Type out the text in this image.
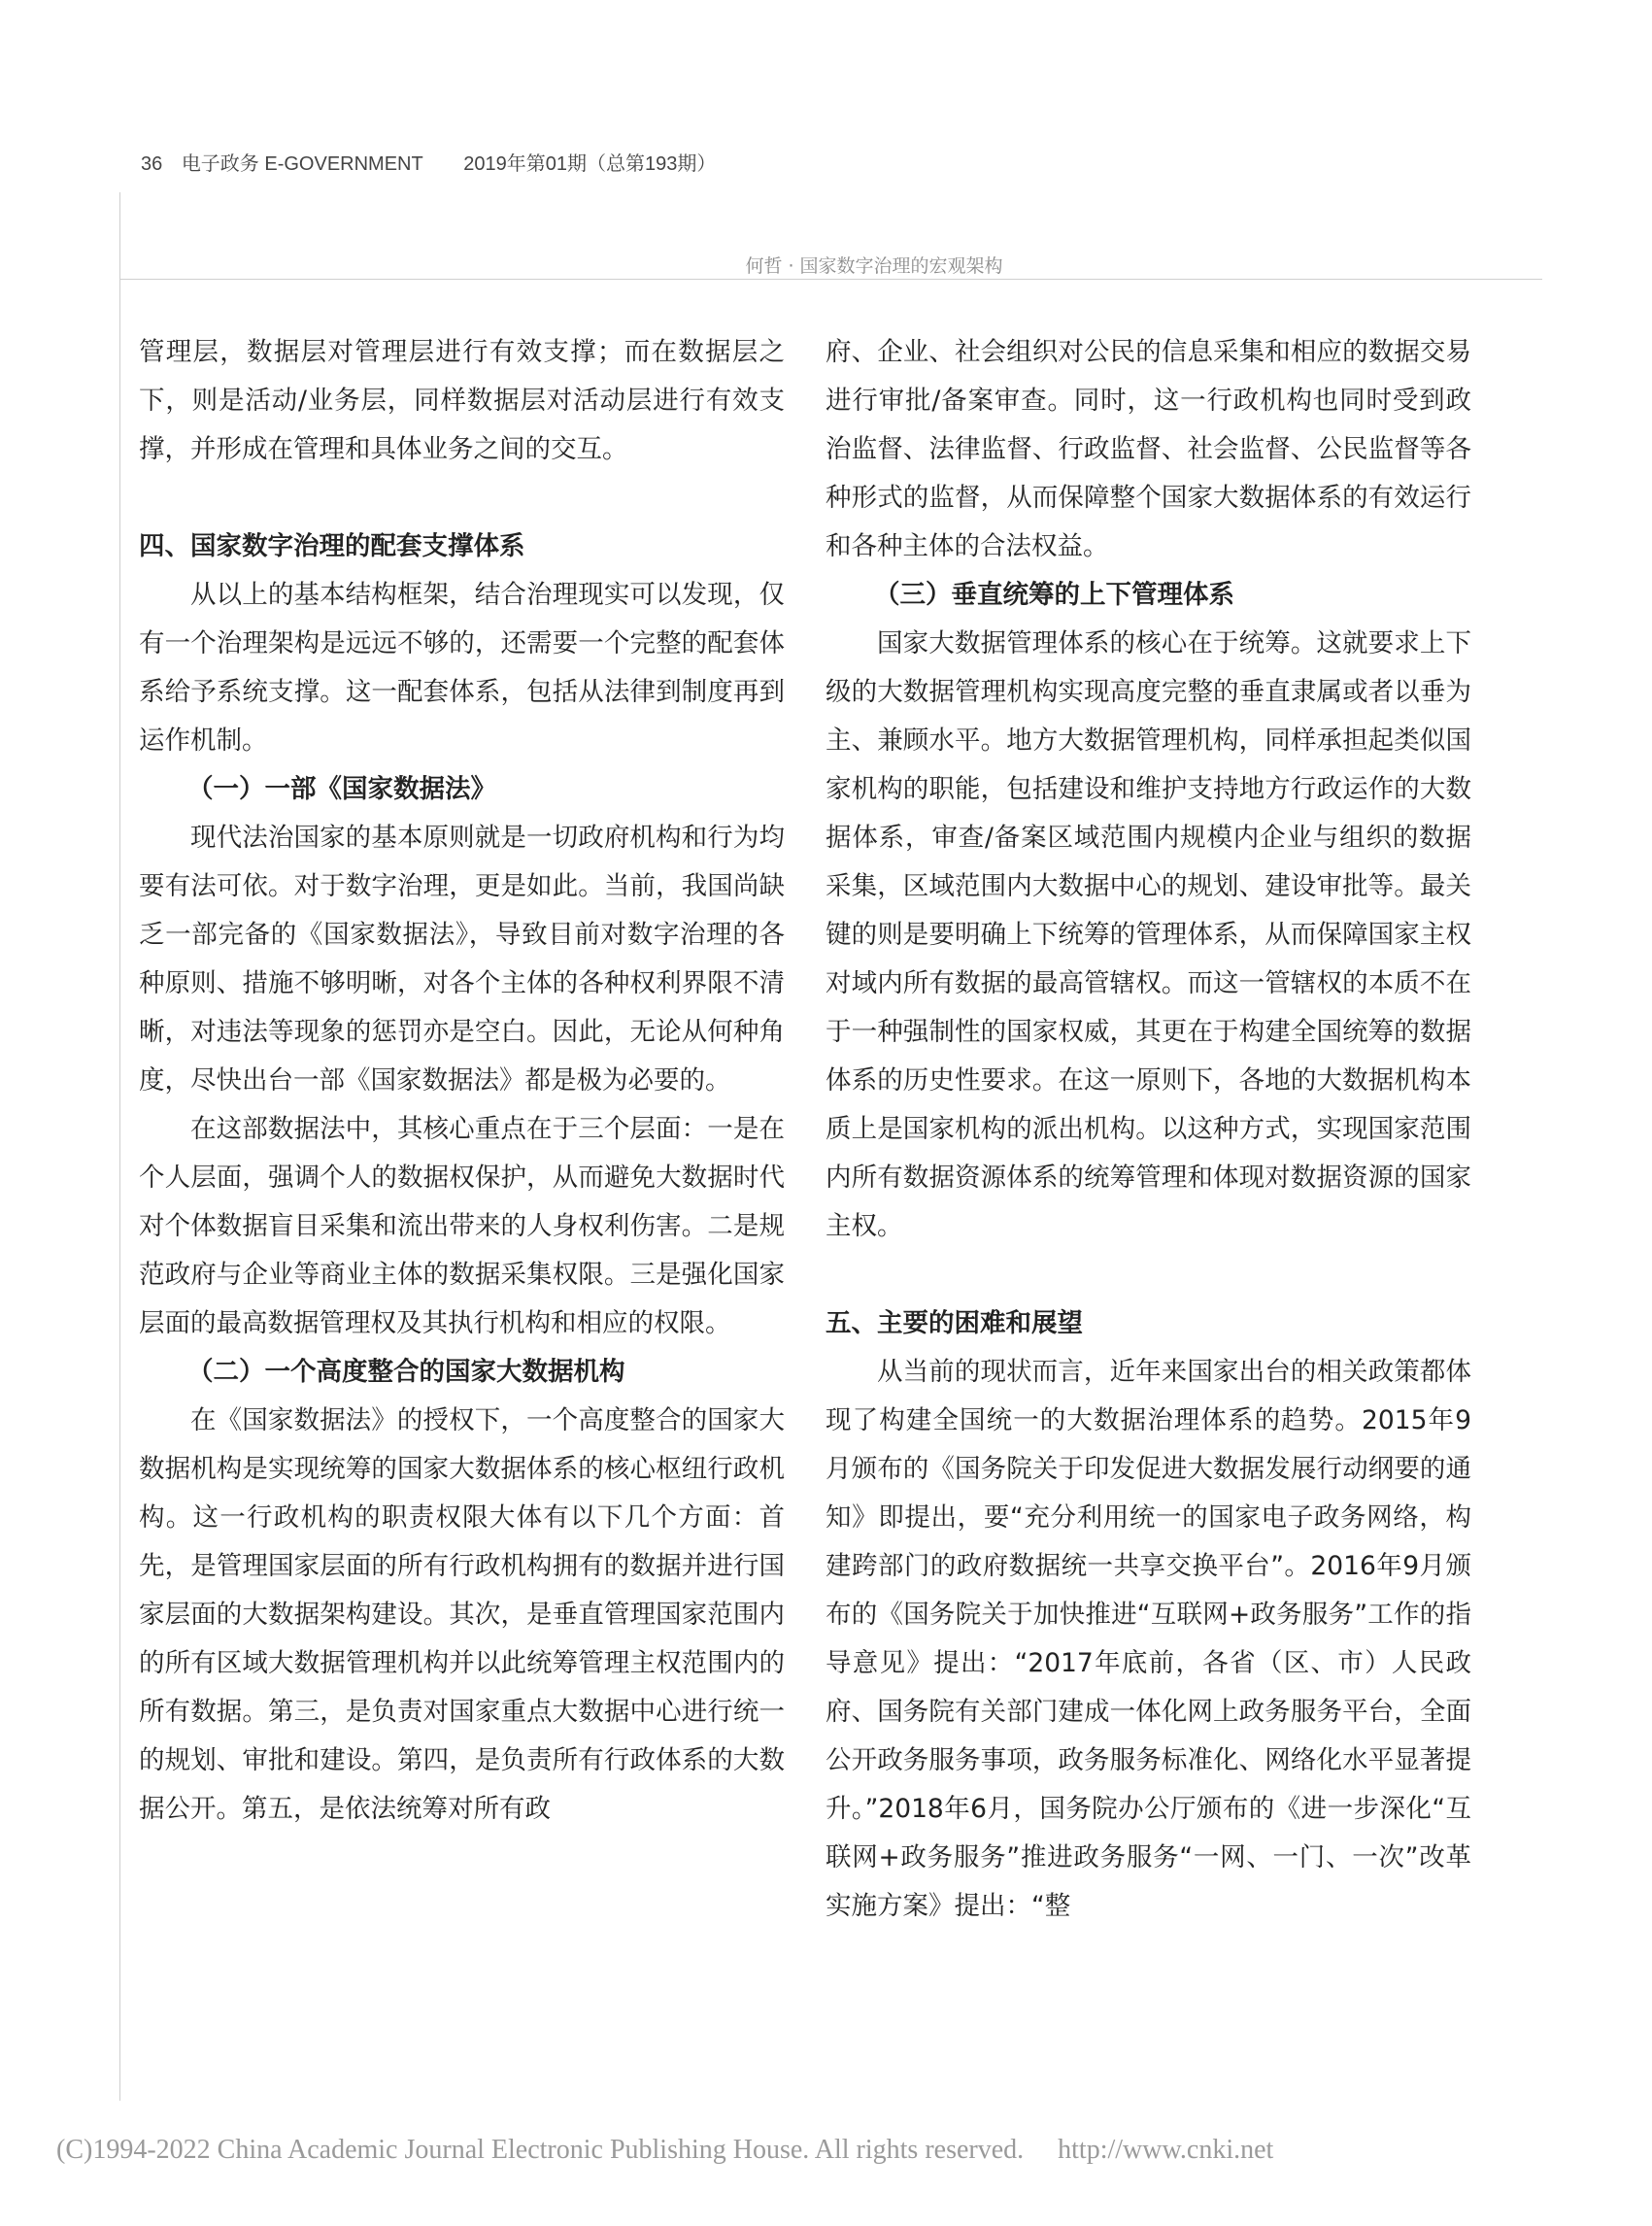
36 电子政务 E-GOVERNMENT 2019年第01期（总第193期）
何哲 · 国家数字治理的宏观架构

管理层，数据层对管理层进行有效支撑；而在数据层之下，则是活动/业务层，同样数据层对活动层进行有效支撑，并形成在管理和具体业务之间的交互。

四、国家数字治理的配套支撑体系

从以上的基本结构框架，结合治理现实可以发现，仅有一个治理架构是远远不够的，还需要一个完整的配套体系给予系统支撑。这一配套体系，包括从法律到制度再到运作机制。

（一）一部《国家数据法》

现代法治国家的基本原则就是一切政府机构和行为均要有法可依。对于数字治理，更是如此。当前，我国尚缺乏一部完备的《国家数据法》，导致目前对数字治理的各种原则、措施不够明晰，对各个主体的各种权利界限不清晰，对违法等现象的惩罚亦是空白。因此，无论从何种角度，尽快出台一部《国家数据法》都是极为必要的。

在这部数据法中，其核心重点在于三个层面：一是在个人层面，强调个人的数据权保护，从而避免大数据时代对个体数据盲目采集和流出带来的人身权利伤害。二是规范政府与企业等商业主体的数据采集权限。三是强化国家层面的最高数据管理权及其执行机构和相应的权限。

（二）一个高度整合的国家大数据机构

在《国家数据法》的授权下，一个高度整合的国家大数据机构是实现统筹的国家大数据体系的核心枢纽行政机构。这一行政机构的职责权限大体有以下几个方面：首先，是管理国家层面的所有行政机构拥有的数据并进行国家层面的大数据架构建设。其次，是垂直管理国家范围内的所有区域大数据管理机构并以此统筹管理主权范围内的所有数据。第三，是负责对国家重点大数据中心进行统一的规划、审批和建设。第四，是负责所有行政体系的大数据公开。第五，是依法统筹对所有政

府、企业、社会组织对公民的信息采集和相应的数据交易进行审批/备案审查。同时，这一行政机构也同时受到政治监督、法律监督、行政监督、社会监督、公民监督等各种形式的监督，从而保障整个国家大数据体系的有效运行和各种主体的合法权益。

（三）垂直统筹的上下管理体系

国家大数据管理体系的核心在于统筹。这就要求上下级的大数据管理机构实现高度完整的垂直隶属或者以垂为主、兼顾水平。地方大数据管理机构，同样承担起类似国家机构的职能，包括建设和维护支持地方行政运作的大数据体系，审查/备案区域范围内规模内企业与组织的数据采集，区域范围内大数据中心的规划、建设审批等。最关键的则是要明确上下统筹的管理体系，从而保障国家主权对域内所有数据的最高管辖权。而这一管辖权的本质不在于一种强制性的国家权威，其更在于构建全国统筹的数据体系的历史性要求。在这一原则下，各地的大数据机构本质上是国家机构的派出机构。以这种方式，实现国家范围内所有数据资源体系的统筹管理和体现对数据资源的国家主权。

五、主要的困难和展望

从当前的现状而言，近年来国家出台的相关政策都体现了构建全国统一的大数据治理体系的趋势。2015年9月颁布的《国务院关于印发促进大数据发展行动纲要的通知》即提出，要“充分利用统一的国家电子政务网络，构建跨部门的政府数据统一共享交换平台”。2016年9月颁布的《国务院关于加快推进“互联网+政务服务”工作的指导意见》提出：“2017年底前，各省（区、市）人民政府、国务院有关部门建成一体化网上政务服务平台，全面公开政务服务事项，政务服务标准化、网络化水平显著提升。”2018年6月，国务院办公厅颁布的《进一步深化“互联网+政务服务”推进政务服务“一网、一门、一次”改革实施方案》提出：“整

(C)1994-2022 China Academic Journal Electronic Publishing House. All rights reserved. http://www.cnki.net
